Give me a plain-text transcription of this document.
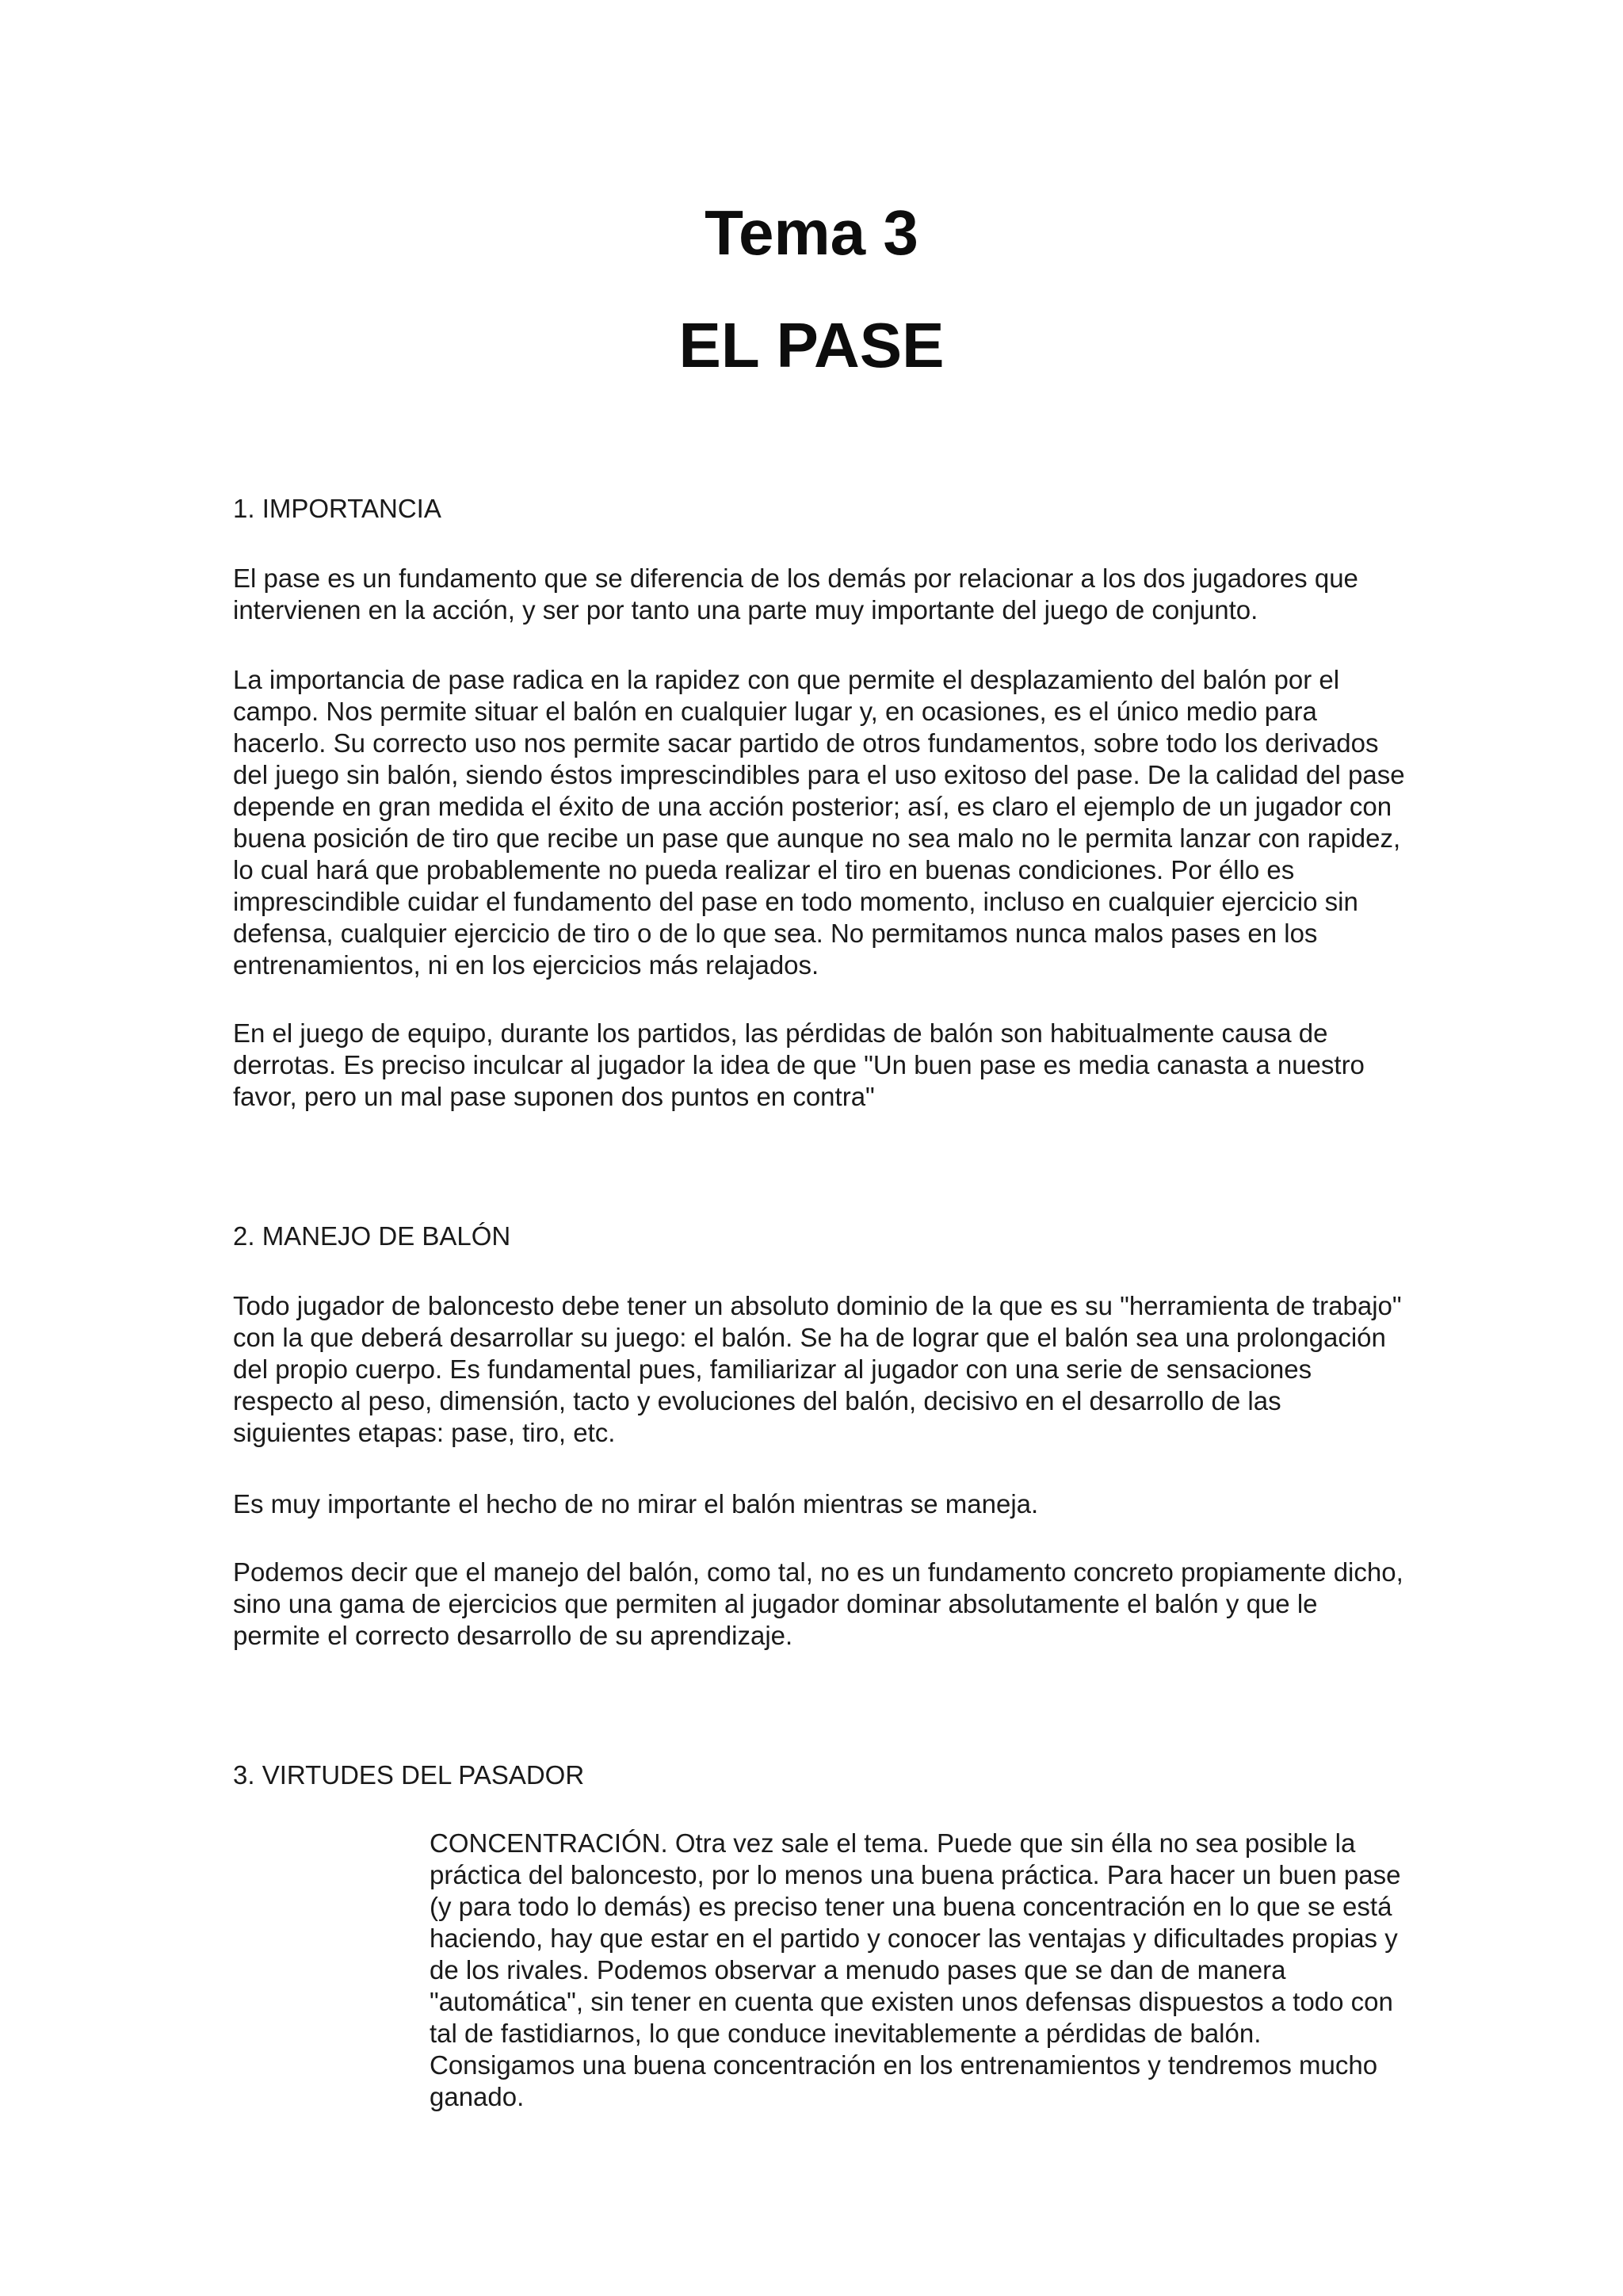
Tema 3
EL PASE
1. IMPORTANCIA

El pase es un fundamento que se diferencia de los demás por relacionar a los dos jugadores que intervienen en la acción, y ser por tanto una parte muy importante del juego de conjunto.

La importancia de pase radica en la rapidez con que permite el desplazamiento del balón por el campo. Nos permite situar el balón en cualquier lugar y, en ocasiones, es el único medio para hacerlo. Su correcto uso nos permite sacar partido de otros fundamentos, sobre todo los derivados del juego sin balón, siendo éstos imprescindibles para el uso exitoso del pase. De la calidad del pase depende en gran medida el éxito de una acción posterior; así, es claro el ejemplo de un jugador con buena posición de tiro que recibe un pase que aunque no sea malo no le permita lanzar con rapidez, lo cual hará que probablemente no pueda realizar el tiro en buenas condiciones. Por éllo es imprescindible cuidar el fundamento del pase en todo momento, incluso en cualquier ejercicio sin defensa, cualquier ejercicio de tiro o de lo que sea. No permitamos nunca malos pases en los entrenamientos, ni en los ejercicios más relajados.

En el juego de equipo, durante los partidos, las pérdidas de balón son habitualmente causa de derrotas. Es preciso inculcar al jugador la idea de que "Un buen pase es media canasta a nuestro favor, pero un mal pase suponen dos puntos en contra"

2. MANEJO DE BALÓN

Todo jugador de baloncesto debe tener un absoluto dominio de la que es su "herramienta de trabajo" con la que deberá desarrollar su juego: el balón. Se ha de lograr que el balón sea una prolongación del propio cuerpo. Es fundamental pues, familiarizar al jugador con una serie de sensaciones respecto al peso, dimensión, tacto y evoluciones del balón, decisivo en el desarrollo de las siguientes etapas: pase, tiro, etc.

Es muy importante el hecho de no mirar el balón mientras se maneja.

Podemos decir que el manejo del balón, como tal, no es un fundamento concreto propiamente dicho, sino una gama de ejercicios que permiten al jugador dominar absolutamente el balón y que le permite el correcto desarrollo de su aprendizaje.

3. VIRTUDES DEL PASADOR

CONCENTRACIÓN. Otra vez sale el tema. Puede que sin élla no sea posible la práctica del baloncesto, por lo menos una buena práctica. Para hacer un buen pase (y para todo lo demás) es preciso tener una buena concentración en lo que se está haciendo, hay que estar en el partido y conocer las ventajas y dificultades propias y de los rivales. Podemos observar a menudo pases que se dan de manera "automática", sin tener en cuenta que existen unos defensas dispuestos a todo con tal de fastidiarnos, lo que conduce inevitablemente a pérdidas de balón. Consigamos una buena concentración en los entrenamientos y tendremos mucho ganado.
